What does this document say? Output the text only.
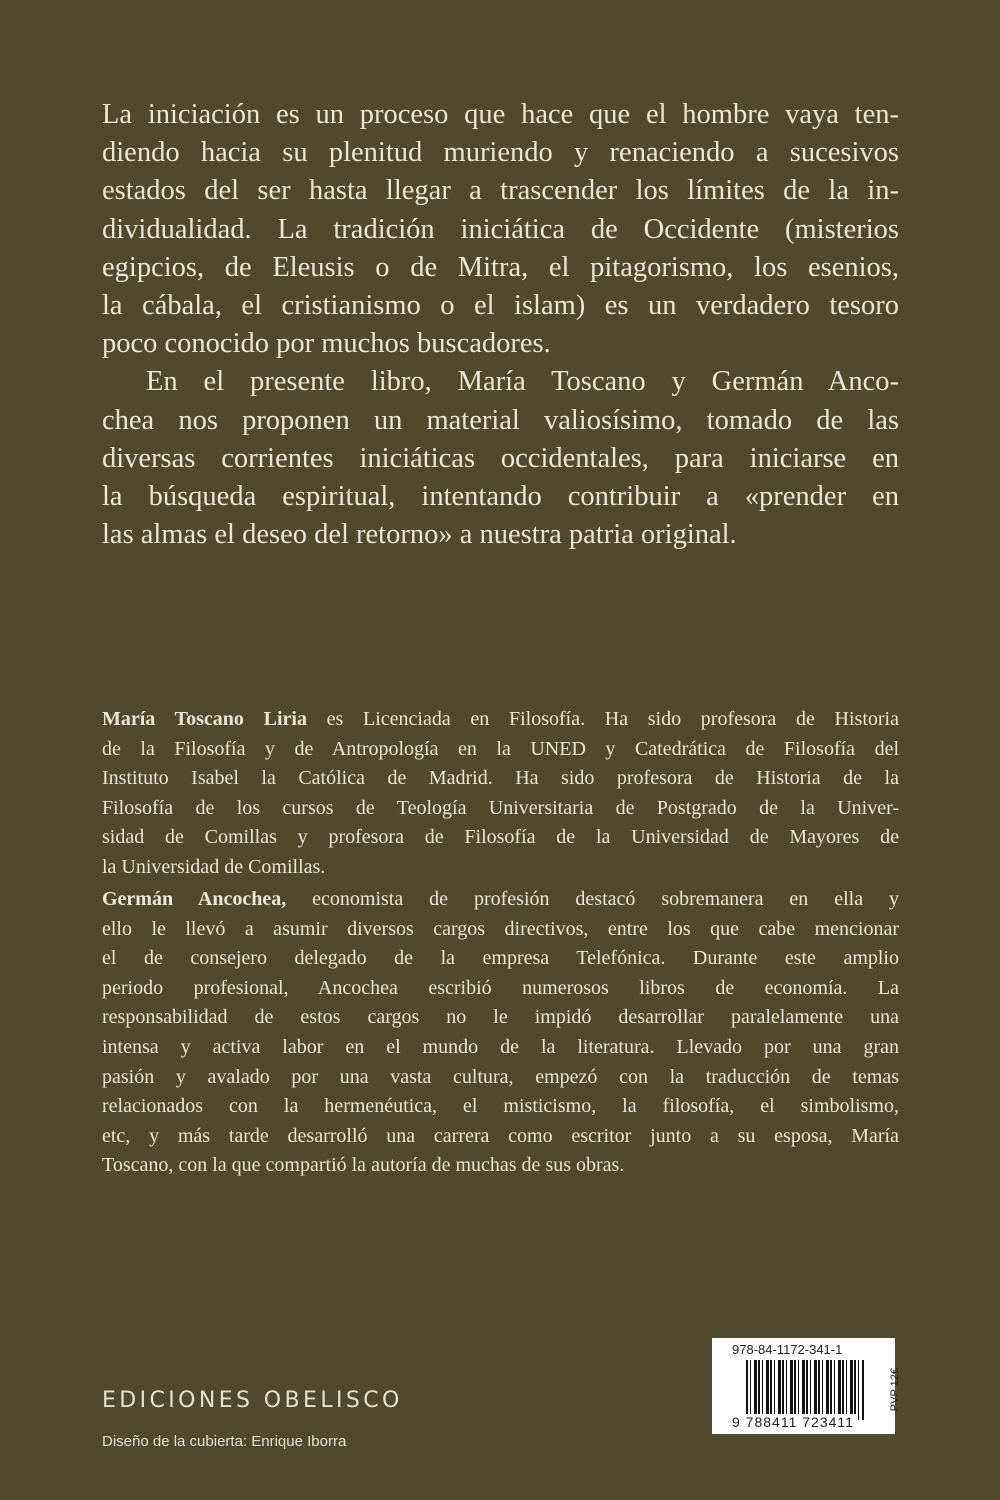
La iniciación es un proceso que hace que el hombre vaya ten-
diendo hacia su plenitud muriendo y renaciendo a sucesivos
estados del ser hasta llegar a trascender los límites de la in-
dividualidad. La tradición iniciática de Occidente (misterios
egipcios, de Eleusis o de Mitra, el pitagorismo, los esenios,
la cábala, el cristianismo o el islam) es un verdadero tesoro
poco conocido por muchos buscadores.
En el presente libro, María Toscano y Germán Anco-
chea nos proponen un material valiosísimo, tomado de las
diversas corrientes iniciáticas occidentales, para iniciarse en
la búsqueda espiritual, intentando contribuir a «prender en
las almas el deseo del retorno» a nuestra patria original.
María Toscano Liria es Licenciada en Filosofía. Ha sido profesora de Historia
de la Filosofía y de Antropología en la UNED y Catedrática de Filosofía del
Instituto Isabel la Católica de Madrid. Ha sido profesora de Historia de la
Filosofía de los cursos de Teología Universitaria de Postgrado de la Univer-
sidad de Comillas y profesora de Filosofía de la Universidad de Mayores de
la Universidad de Comillas.
Germán Ancochea, economista de profesión destacó sobremanera en ella y
ello le llevó a asumir diversos cargos directivos, entre los que cabe mencionar
el de consejero delegado de la empresa Telefónica. Durante este amplio
periodo profesional, Ancochea escribió numerosos libros de economía. La
responsabilidad de estos cargos no le impidó desarrollar paralelamente una
intensa y activa labor en el mundo de la literatura. Llevado por una gran
pasión y avalado por una vasta cultura, empezó con la traducción de temas
relacionados con la hermenéutica, el misticismo, la filosofía, el simbolismo,
etc, y más tarde desarrolló una carrera como escritor junto a su esposa, María
Toscano, con la que compartió la autoría de muchas de sus obras.
EDICIONES OBELISCO
Diseño de la cubierta: Enrique Iborra
978-84-1172-341-1
9 788411 723411
PVP 12€
